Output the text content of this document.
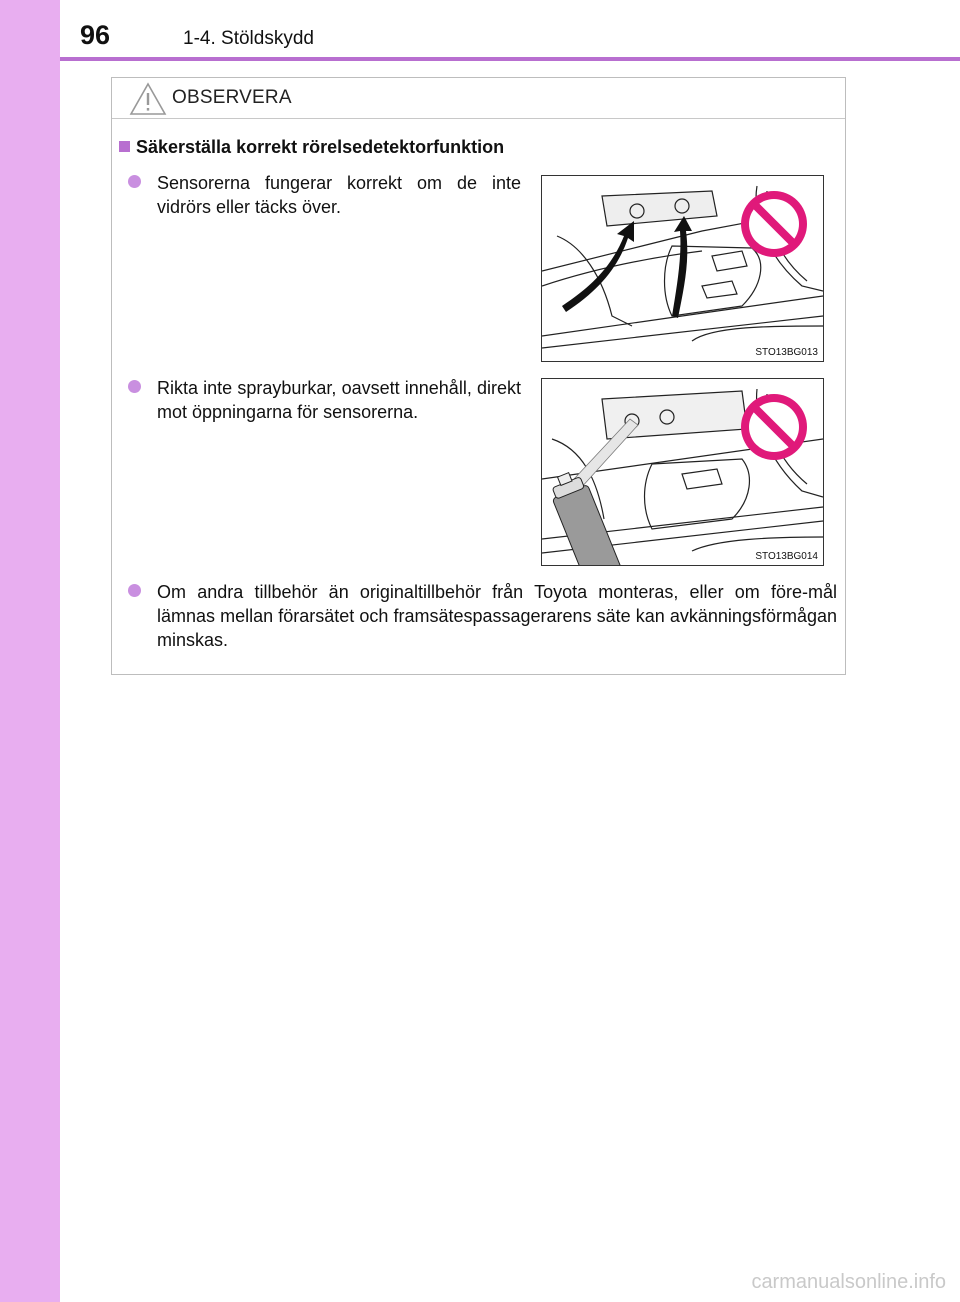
96	1-4. Stöldskydd
OBSERVERA
Säkerställa korrekt rörelsedetektorfunktion
Sensorerna fungerar korrekt om de inte vidrörs eller täcks över.
STO13BG013
Rikta inte sprayburkar, oavsett innehåll, direkt mot öppningarna för sensorerna.
STO13BG014
Om andra tillbehör än originaltillbehör från Toyota monteras, eller om före-mål lämnas mellan förarsätet och framsätespassagerarens säte kan avkänningsförmågan minskas.
carmanualsonline.info
